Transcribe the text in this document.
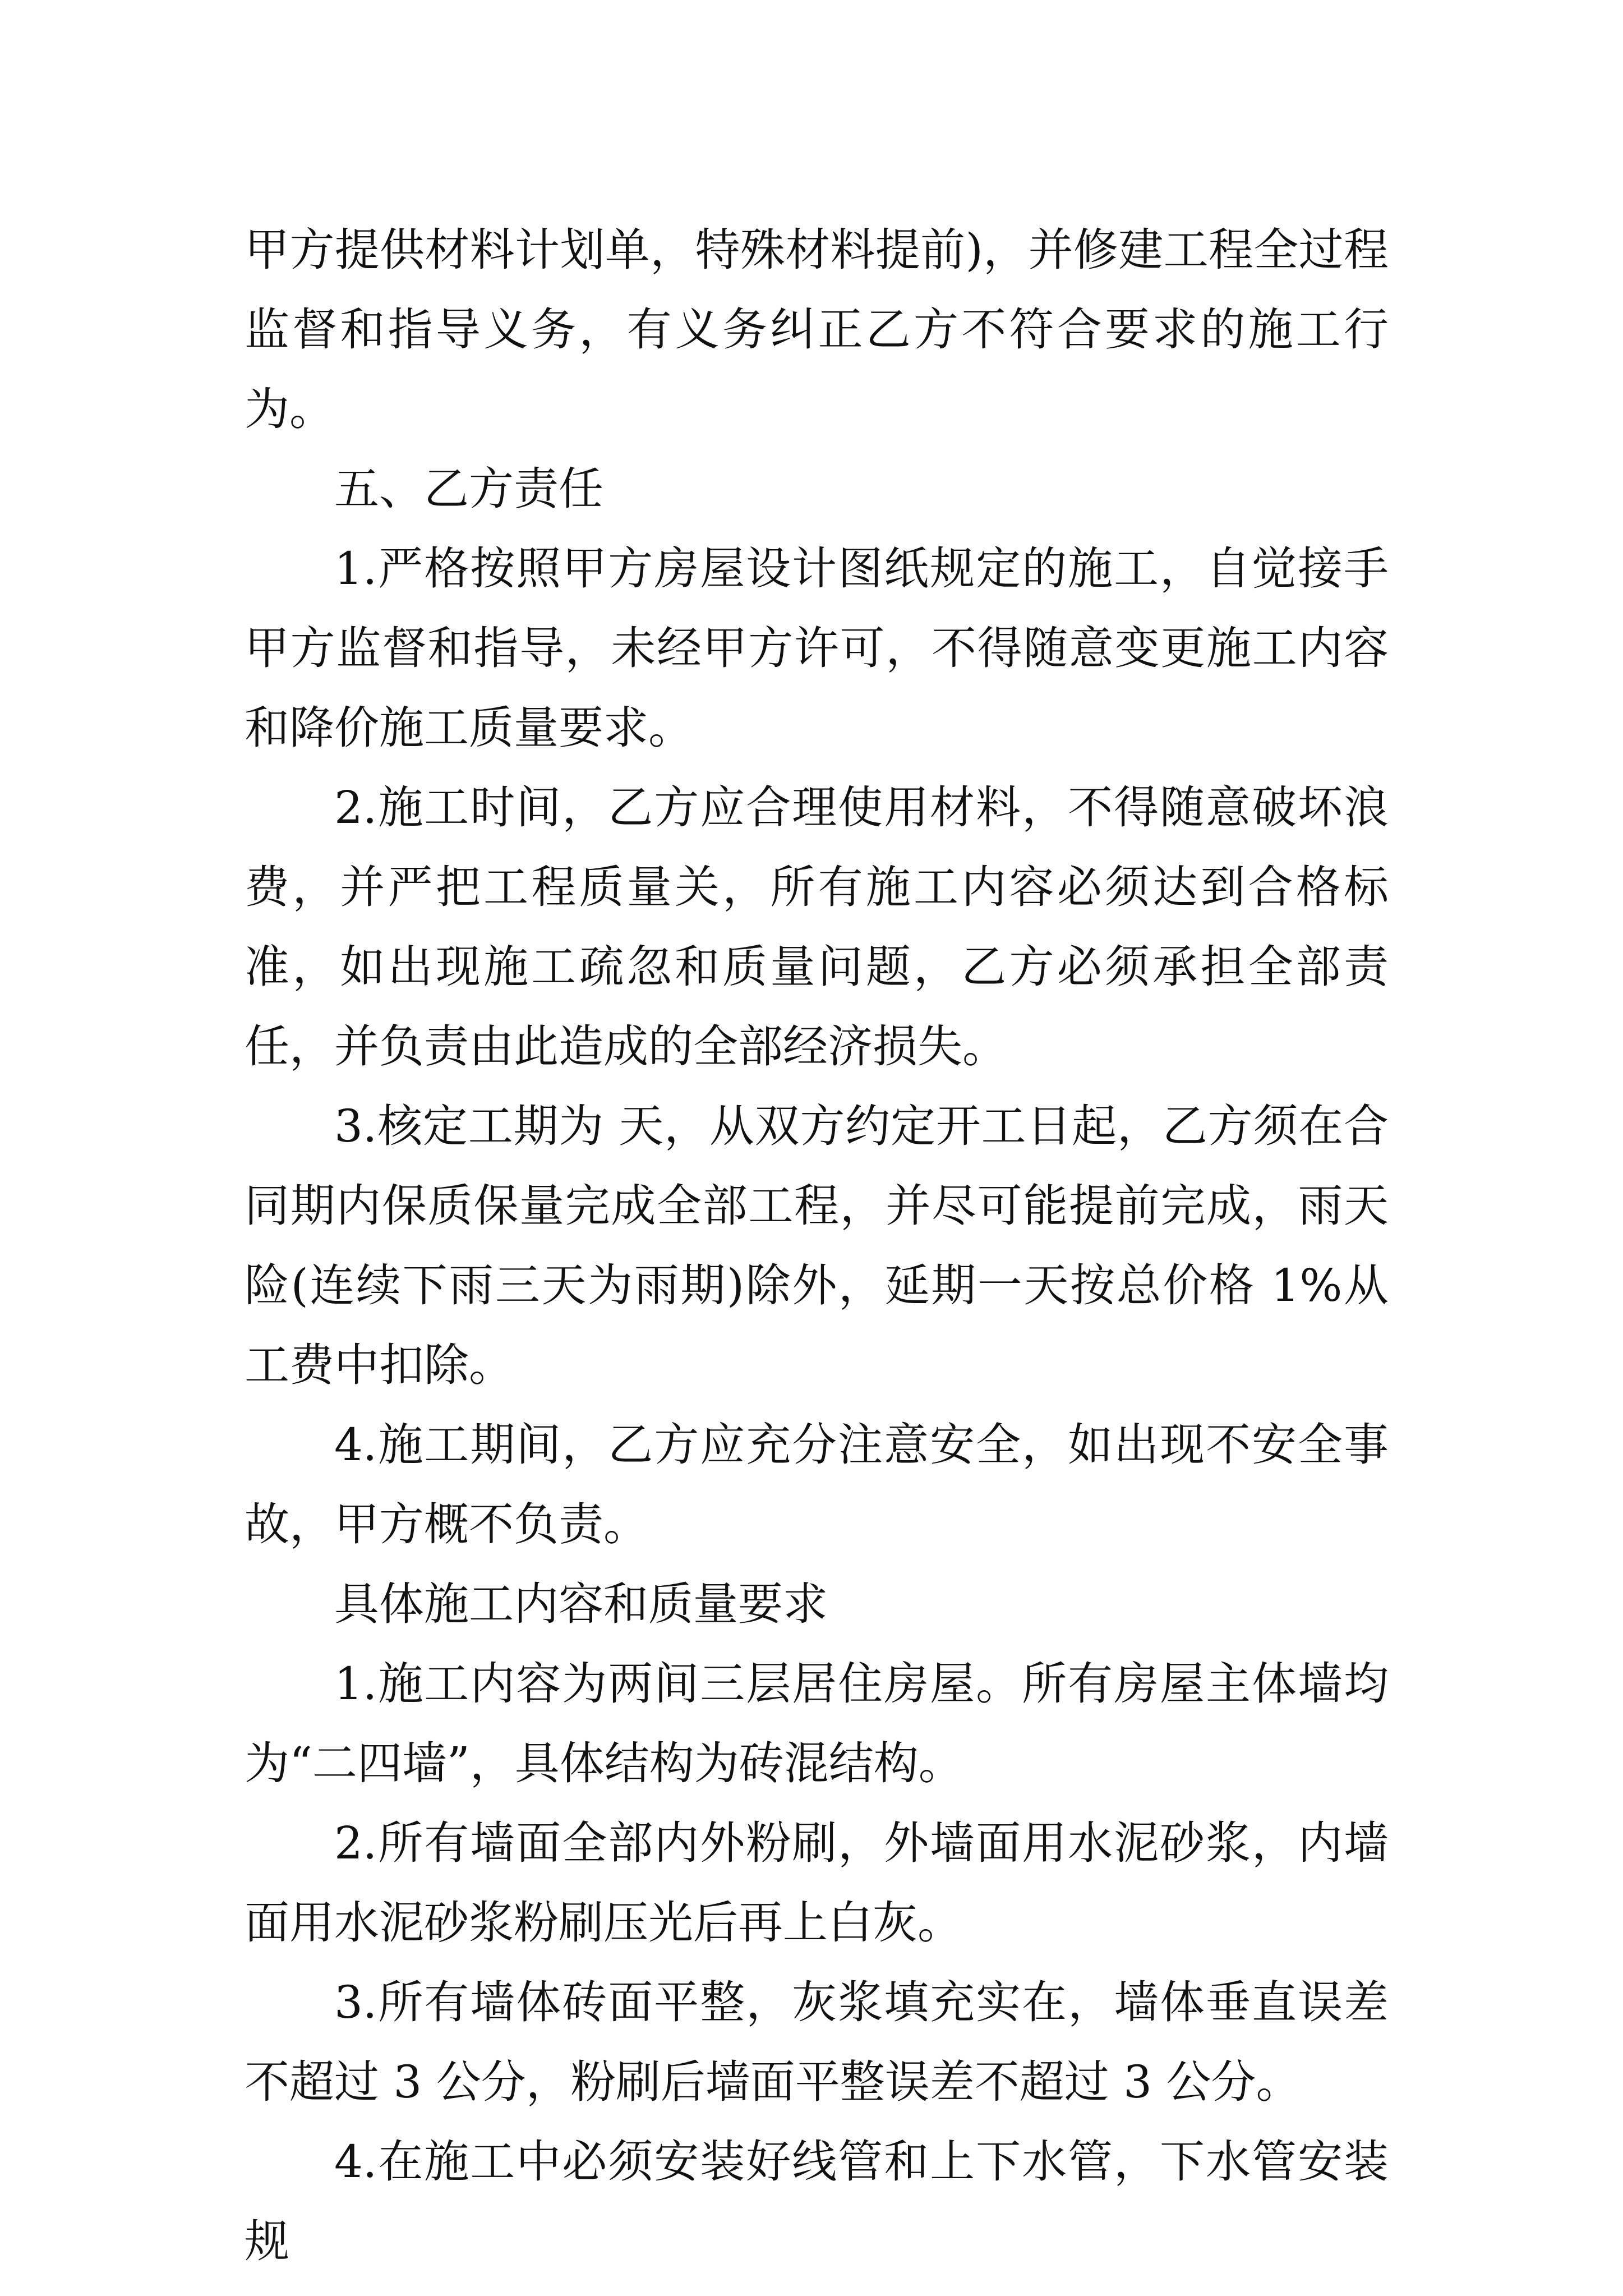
甲方提供材料计划单，特殊材料提前)，并修建工程全过程监督和指导义务，有义务纠正乙方不符合要求的施工行为。

五、乙方责任

1.严格按照甲方房屋设计图纸规定的施工，自觉接手甲方监督和指导，未经甲方许可，不得随意变更施工内容和降价施工质量要求。

2.施工时间，乙方应合理使用材料，不得随意破坏浪费，并严把工程质量关，所有施工内容必须达到合格标准，如出现施工疏忽和质量问题，乙方必须承担全部责任，并负责由此造成的全部经济损失。

3.核定工期为 天，从双方约定开工日起，乙方须在合同期内保质保量完成全部工程，并尽可能提前完成，雨天险(连续下雨三天为雨期)除外，延期一天按总价格 1%从工费中扣除。

4.施工期间，乙方应充分注意安全，如出现不安全事故，甲方概不负责。

具体施工内容和质量要求

1.施工内容为两间三层居住房屋。所有房屋主体墙均为“二四墙”，具体结构为砖混结构。

2.所有墙面全部内外粉刷，外墙面用水泥砂浆，内墙面用水泥砂浆粉刷压光后再上白灰。

3.所有墙体砖面平整，灰浆填充实在，墙体垂直误差不超过 3 公分，粉刷后墙面平整误差不超过 3 公分。

4.在施工中必须安装好线管和上下水管，下水管安装规
